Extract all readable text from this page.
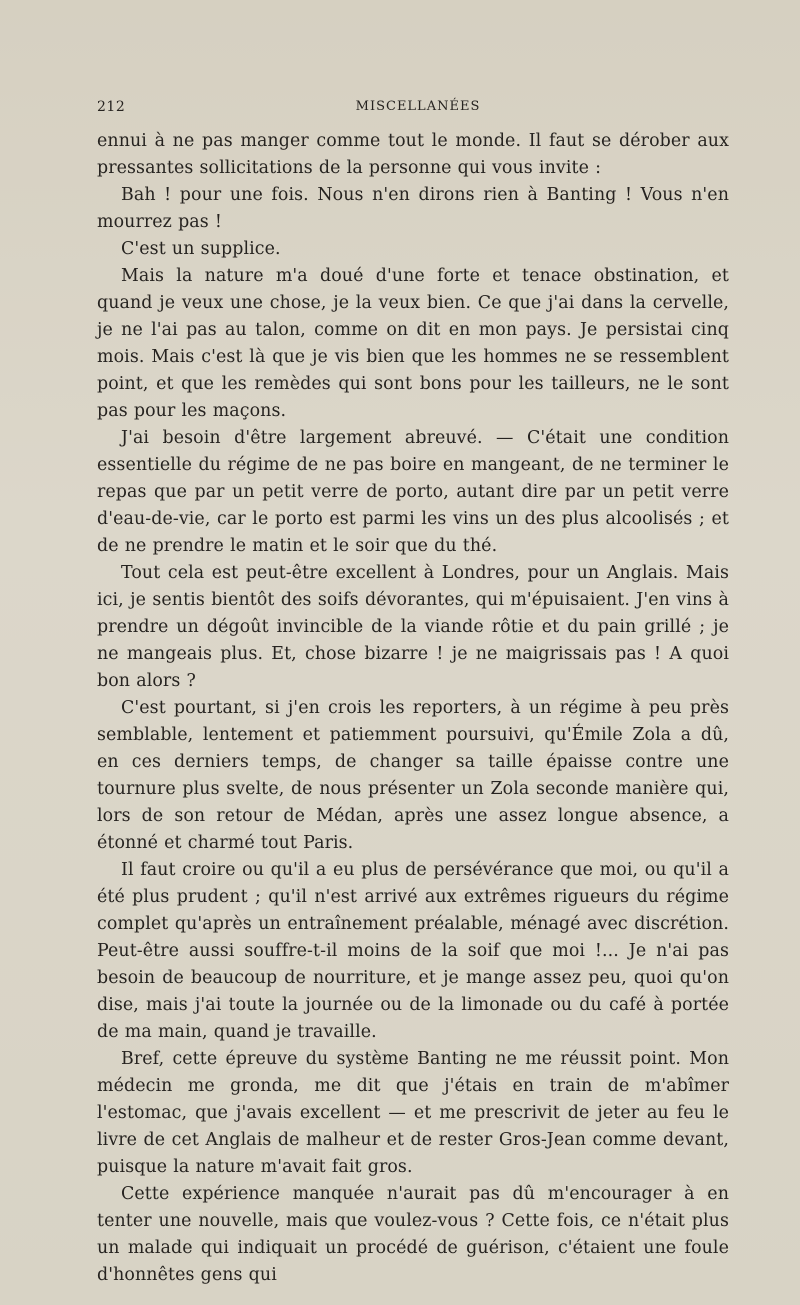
212	MISCELLANÉES

ennui à ne pas manger comme tout le monde. Il faut se dérober aux pressantes sollicitations de la personne qui vous invite :

Bah ! pour une fois. Nous n'en dirons rien à Banting ! Vous n'en mourrez pas !

C'est un supplice.

Mais la nature m'a doué d'une forte et tenace obstination, et quand je veux une chose, je la veux bien. Ce que j'ai dans la cervelle, je ne l'ai pas au talon, comme on dit en mon pays. Je persistai cinq mois. Mais c'est là que je vis bien que les hommes ne se ressemblent point, et que les remèdes qui sont bons pour les tailleurs, ne le sont pas pour les maçons.

J'ai besoin d'être largement abreuvé. — C'était une condition essentielle du régime de ne pas boire en mangeant, de ne terminer le repas que par un petit verre de porto, autant dire par un petit verre d'eau-de-vie, car le porto est parmi les vins un des plus alcoolisés ; et de ne prendre le matin et le soir que du thé.

Tout cela est peut-être excellent à Londres, pour un Anglais. Mais ici, je sentis bientôt des soifs dévorantes, qui m'épuisaient. J'en vins à prendre un dégoût invincible de la viande rôtie et du pain grillé ; je ne mangeais plus. Et, chose bizarre ! je ne maigrissais pas ! A quoi bon alors ?

C'est pourtant, si j'en crois les reporters, à un régime à peu près semblable, lentement et patiemment poursuivi, qu'Émile Zola a dû, en ces derniers temps, de changer sa taille épaisse contre une tournure plus svelte, de nous présenter un Zola seconde manière qui, lors de son retour de Médan, après une assez longue absence, a étonné et charmé tout Paris.

Il faut croire ou qu'il a eu plus de persévérance que moi, ou qu'il a été plus prudent ; qu'il n'est arrivé aux extrêmes rigueurs du régime complet qu'après un entraînement préalable, ménagé avec discrétion. Peut-être aussi souffre-t-il moins de la soif que moi !... Je n'ai pas besoin de beaucoup de nourriture, et je mange assez peu, quoi qu'on dise, mais j'ai toute la journée ou de la limonade ou du café à portée de ma main, quand je travaille.

Bref, cette épreuve du système Banting ne me réussit point. Mon médecin me gronda, me dit que j'étais en train de m'abîmer l'estomac, que j'avais excellent — et me prescrivit de jeter au feu le livre de cet Anglais de malheur et de rester Gros-Jean comme devant, puisque la nature m'avait fait gros.

Cette expérience manquée n'aurait pas dû m'encourager à en tenter une nouvelle, mais que voulez-vous ? Cette fois, ce n'était plus un malade qui indiquait un procédé de guérison, c'étaient une foule d'honnêtes gens qui
